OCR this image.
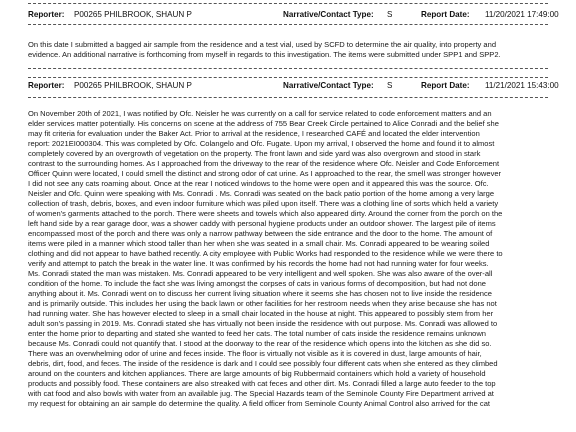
Reporter: P00265 PHILBROOK, SHAUN P	Narrative/Contact Type: S	Report Date: 11/20/2021 17:49:00
On this date I submitted a bagged air sample from the residence and a test vial, used by SCFD to determine the air quality, into property and
evidence. An additional narrative is forthcoming from myself in regards to this investigation. The items were submitted under SPP1 and SPP2.
Reporter: P00265 PHILBROOK, SHAUN P	Narrative/Contact Type: S	Report Date: 11/21/2021 15:43:00
On November 20th of 2021, I was notified by Ofc. Neisler he was currently on a call for service related to code enforcement matters and an
elder services matter potentially. His concerns on scene at the address of 755 Bear Creek Circle pertained to Alice Conradi and the belief she
may fit criteria for evaluation under the Baker Act. Prior to arrival at the residence, I researched CAFÉ and located the elder intervention
report: 2021EI000304. This was completed by Ofc. Colangelo and Ofc. Fugate. Upon my arrival, I observed the home and found it to almost
completely covered by an overgrowth of vegetation on the property. The front lawn and side yard was also overgrown and stood in stark
contrast to the surrounding homes. As I approached from the driveway to the rear of the residence where Ofc. Neisler and Code Enforcement
Officer Quinn were located, I could smell the distinct and strong odor of cat urine. As I approached to the rear, the smell was stronger however
I did not see any cats roaming about. Once at the rear I noticed windows to the home were open and it appeared this was the source. Ofc.
Neisler and Ofc. Quinn were speaking with Ms. Conradi . Ms. Conradi was seated on the back patio portion of the home among a very large
collection of trash, debris, boxes, and even indoor furniture which was piled upon itself. There was a clothing line of sorts which held a variety
of women's garments attached to the porch. There were sheets and towels which also appeared dirty. Around the corner from the porch on the
left hand side by a rear garage door, was a shower caddy with personal hygiene products under an outdoor shower. The largest pile of items
encompassed most of the porch and there was only a narrow pathway between the side entrance and the door to the home. The amount of
items were piled in a manner which stood taller than her when she was seated in a small chair. Ms. Conradi appeared to be wearing soiled
clothing and did not appear to have bathed recently. A city employee with Public Works had responded to the residence while we were there to
verify and attempt to patch the break in the water line. It was confirmed by his records the home had not had running water for four weeks.
Ms. Conradi stated the man was mistaken. Ms. Conradi appeared to be very intelligent and well spoken. She was also aware of the over-all
condition of the home. To include the fact she was living amongst the corpses of cats in various forms of decomposition, but had not done
anything about it. Ms. Conradi went on to discuss her current living situation where it seems she has chosen not to live inside the residence
and is primarily outside. This includes her using the back lawn or other facilities for her restroom needs when they arise because she has not
had running water. She has however elected to sleep in a small chair located in the house at night. This appeared to possibly stem from her
adult son's passing in 2019. Ms. Conradi stated she has virtually not been inside the residence with out purpose. Ms. Conradi was allowed to
enter the home prior to departing and stated she wanted to feed her cats. The total number of cats inside the residence remains unknown
because Ms. Conradi could not quantify that. I stood at the doorway to the rear of the residence which opens into the kitchen as she did so.
There was an overwhelming odor of urine and feces inside. The floor is virtually not visible as it is covered in dust, large amounts of hair,
debris, dirt, food, and feces. The inside of the residence is dark and I could see possibly four different cats when she entered as they climbed
around on the counters and kitchen appliances. There are large amounts of big Rubbermaid containers which hold a variety of household
products and possibly food. These containers are also streaked with cat feces and other dirt. Ms. Conradi filled a large auto feeder to the top
with cat food and also bowls with water from an available jug. The Special Hazards team of the Seminole County Fire Department arrived at
my request for obtaining an air sample do determine the quality. A field officer from Seminole County Animal Control also arrived for the cat
